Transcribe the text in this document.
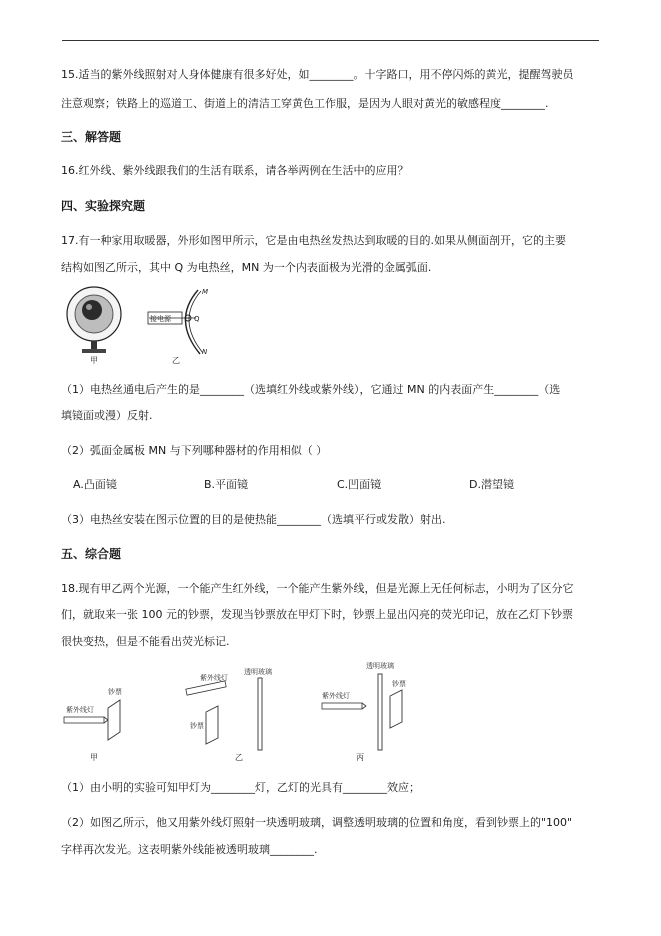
15.适当的紫外线照射对人身体健康有很多好处，如________。十字路口，用不停闪烁的黄光，提醒驾驶员
注意观察；铁路上的巡道工、街道上的清洁工穿黄色工作服，是因为人眼对黄光的敏感程度________.
三、解答题
16.红外线、紫外线跟我们的生活有联系，请各举两例在生活中的应用？
四、实验探究题
17.有一种家用取暖器，外形如图甲所示，它是由电热丝发热达到取暖的目的.如果从侧面剖开，它的主要
结构如图乙所示，其中 Q 为电热丝，MN 为一个内表面极为光滑的金属弧面.
甲
M
N
Q
接电源
乙
（1）电热丝通电后产生的是________（选填红外线或紫外线），它通过 MN 的内表面产生________（选
填镜面或漫）反射.
（2）弧面金属板 MN 与下列哪种器材的作用相似（ ）
A.凸面镜	B.平面镜	C.凹面镜	D.潜望镜
（3）电热丝安装在图示位置的目的是使热能________（选填平行或发散）射出.
五、综合题
18.现有甲乙两个光源，一个能产生红外线，一个能产生紫外线，但是光源上无任何标志，小明为了区分它
们，就取来一张 100 元的钞票，发现当钞票放在甲灯下时，钞票上显出闪亮的荧光印记，放在乙灯下钞票
很快变热，但是不能看出荧光标记.
紫外线灯
钞票
甲
紫外线灯
透明玻璃
钞票
乙
透明玻璃
紫外线灯
钞票
丙
（1）由小明的实验可知甲灯为________灯，乙灯的光具有________效应；
（2）如图乙所示，他又用紫外线灯照射一块透明玻璃，调整透明玻璃的位置和角度，看到钞票上的"100"
字样再次发光。这表明紫外线能被透明玻璃________.
